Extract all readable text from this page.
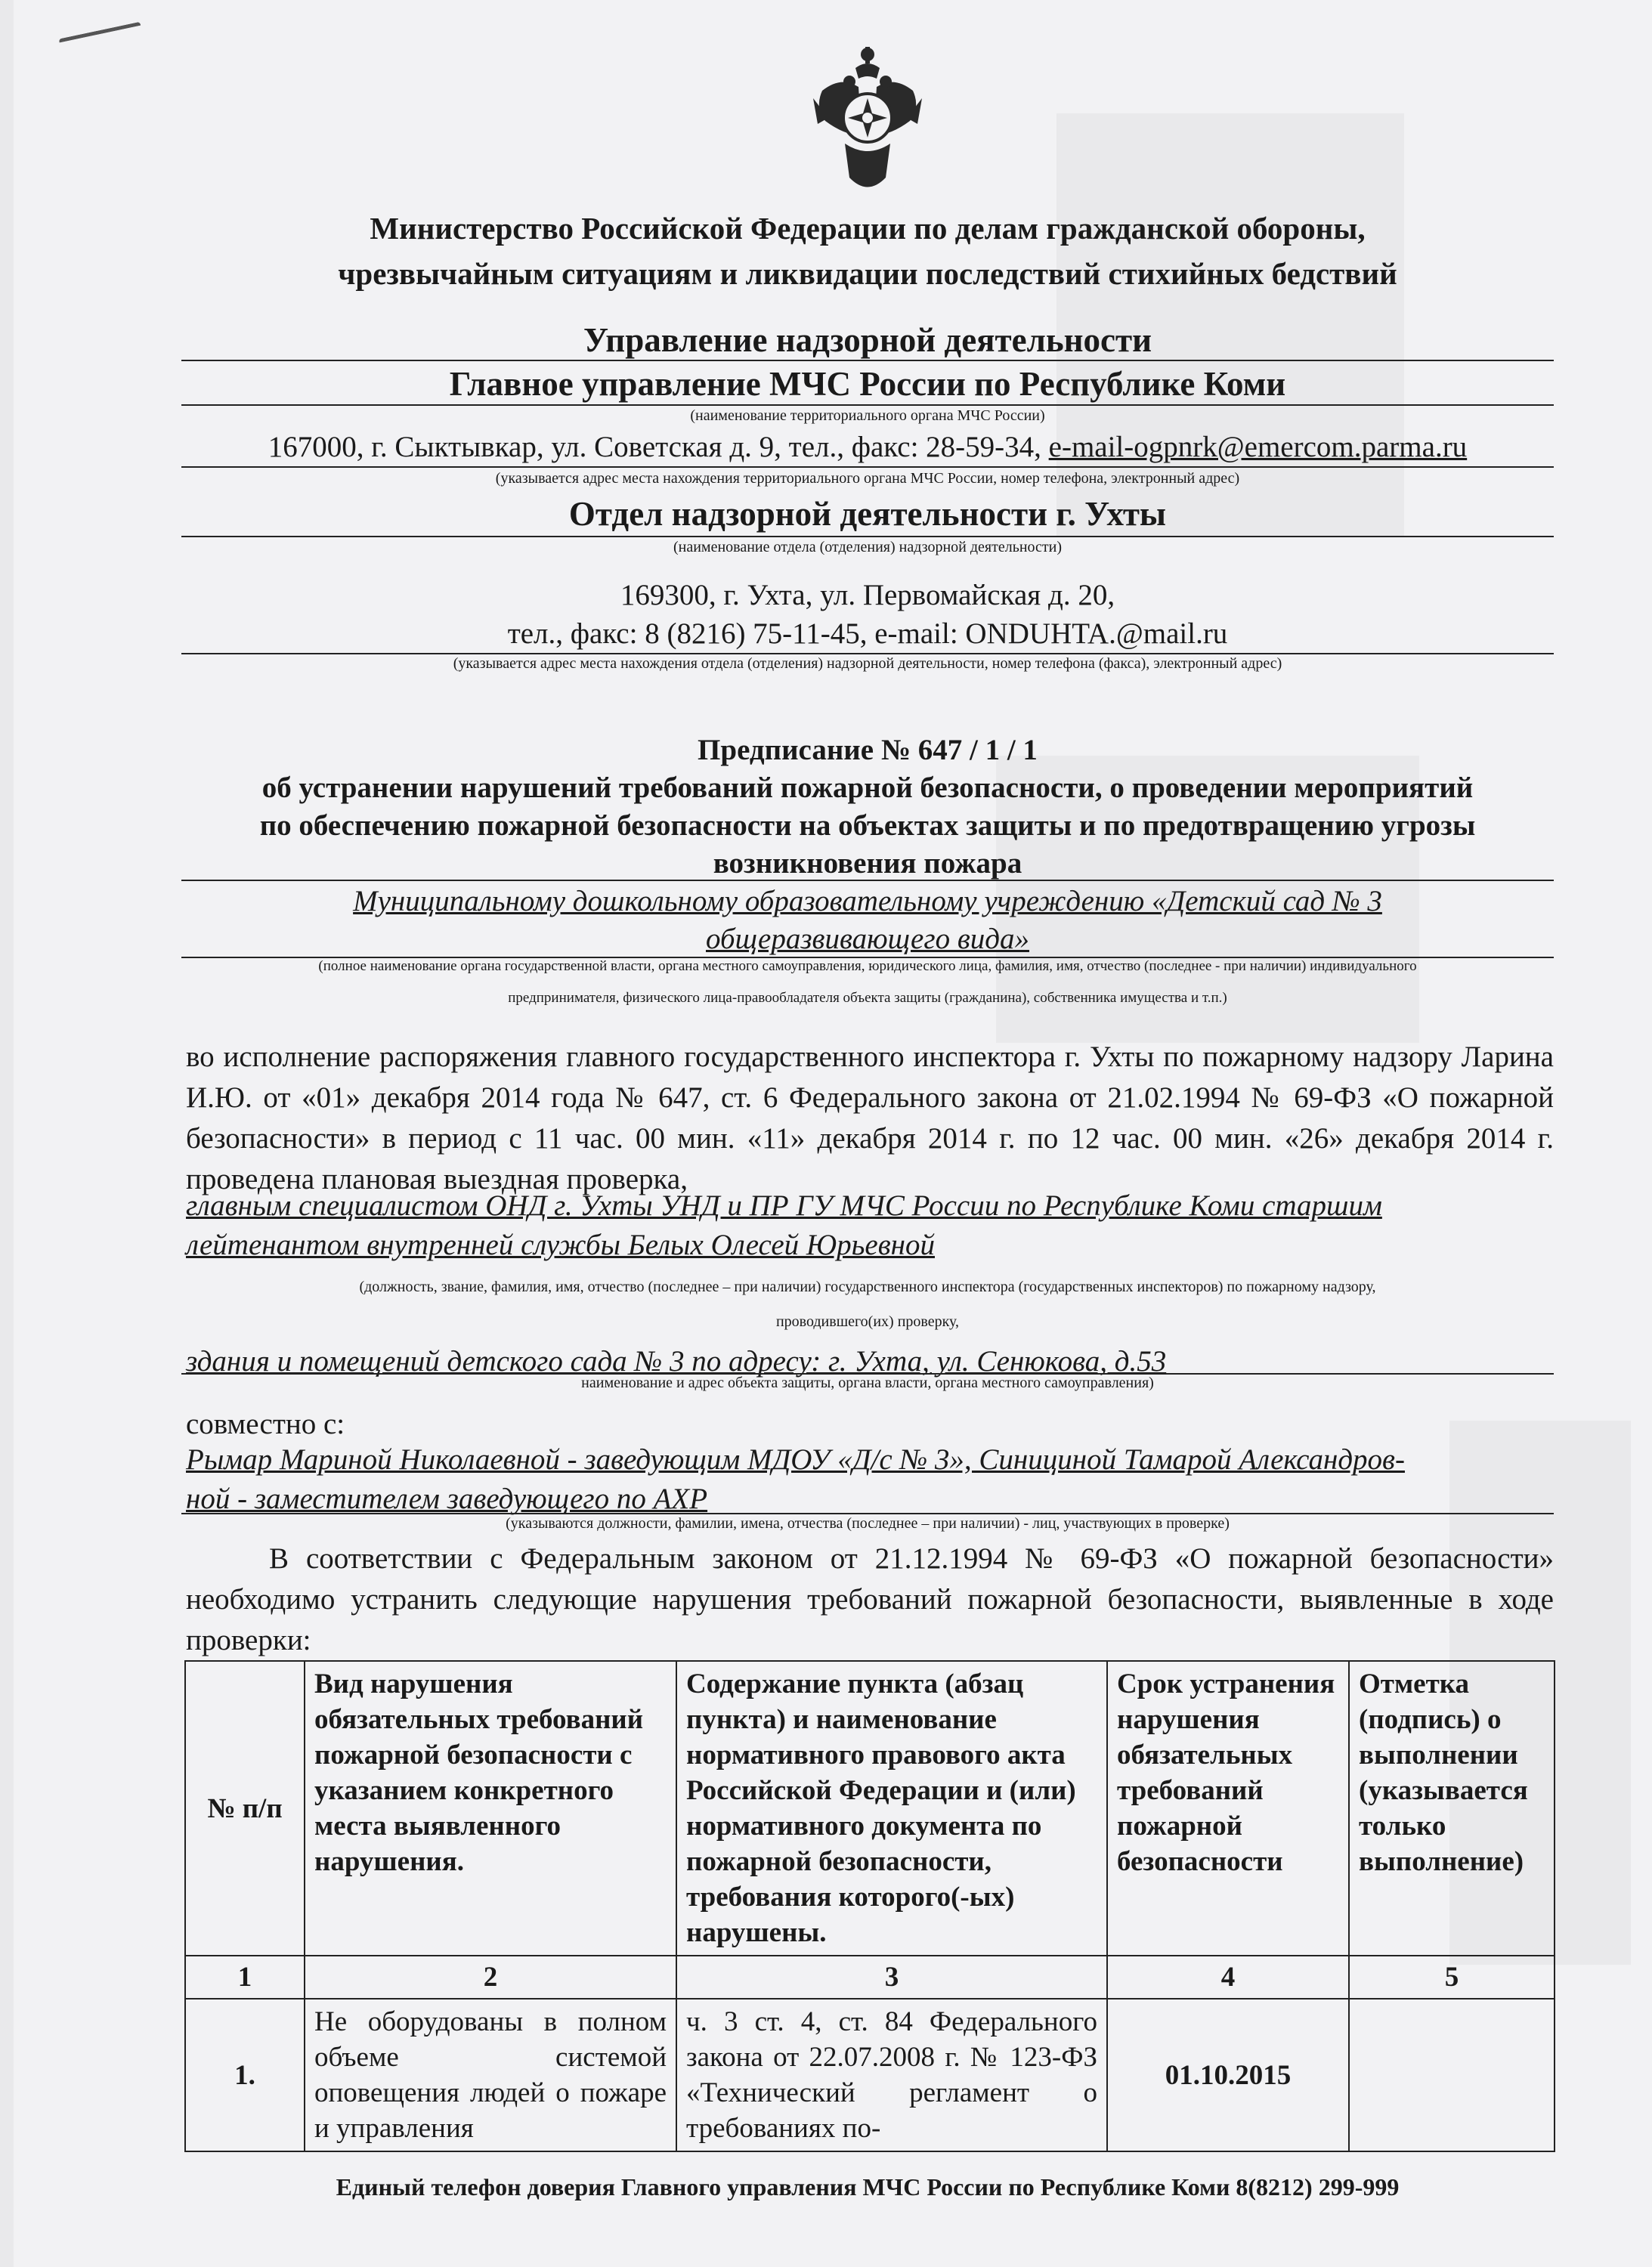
Министерство Российской Федерации по делам гражданской обороны,
чрезвычайным ситуациям и ликвидации последствий стихийных бедствий
Управление надзорной деятельности
Главное управление МЧС России по Республике Коми
(наименование территориального органа МЧС России)
167000, г. Сыктывкар, ул. Советская д. 9, тел., факс: 28-59-34, e-mail-ogpnrk@emercom.parma.ru
(указывается адрес места нахождения территориального органа МЧС России, номер телефона, электронный адрес)
Отдел надзорной деятельности г. Ухты
(наименование отдела (отделения) надзорной деятельности)
169300, г. Ухта, ул. Первомайская д. 20,
тел., факс: 8 (8216) 75-11-45, e-mail: ONDUHTA.@mail.ru
(указывается адрес места нахождения отдела (отделения) надзорной деятельности, номер телефона (факса), электронный адрес)
Предписание № 647 / 1 / 1
об устранении нарушений требований пожарной безопасности, о проведении мероприятий
по обеспечению пожарной безопасности на объектах защиты и по предотвращению угрозы
возникновения пожара
Муниципальному дошкольному образовательному учреждению «Детский сад № 3
общеразвивающего вида»
(полное наименование органа государственной власти, органа местного самоуправления, юридического лица, фамилия, имя, отчество (последнее - при наличии) индивидуального
предпринимателя, физического лица-правообладателя объекта защиты (гражданина), собственника имущества и т.п.)
во исполнение распоряжения главного государственного инспектора г. Ухты по пожарному надзору Ларина И.Ю. от «01» декабря 2014 года № 647, ст. 6 Федерального закона от 21.02.1994 № 69-ФЗ «О пожарной безопасности» в период с 11 час. 00 мин. «11» декабря 2014 г. по 12 час. 00 мин. «26» декабря 2014 г. проведена плановая выездная проверка,
главным специалистом ОНД г. Ухты УНД и ПР ГУ МЧС России по Республике Коми старшим
лейтенантом внутренней службы Белых Олесей Юрьевной
(должность, звание, фамилия, имя, отчество (последнее – при наличии) государственного инспектора (государственных инспекторов) по пожарному надзору,
проводившего(их) проверку,
здания и помещений детского сада № 3 по адресу: г. Ухта, ул. Сенюкова, д.53
наименование и адрес объекта защиты, органа власти, органа местного самоуправления)
совместно с:
Рымар Мариной Николаевной - заведующим МДОУ «Д/с № 3», Синициной Тамарой Александров-
ной - заместителем заведующего по АХР
(указываются должности, фамилии, имена, отчества (последнее – при наличии) - лиц, участвующих в проверке)
В соответствии с Федеральным законом от 21.12.1994 № 69-ФЗ «О пожарной безопасности» необходимо устранить следующие нарушения требований пожарной безопасности, выявленные в ходе проверки:
№ п/п	Вид нарушения обязательных требований пожарной безопасности с указанием конкретного места выявленного нарушения.	Содержание пункта (абзац пункта) и наименование нормативного правового акта Российской Федерации и (или) нормативного документа по пожарной безопасности, требования которого(-ых) нарушены.	Срок устранения нарушения обязательных требований пожарной безопасности	Отметка (подпись) о выполнении (указывается только выполнение)
1	2	3	4	5
1.	Не оборудованы в полном объеме системой оповещения людей о пожаре и управления	ч. 3 ст. 4, ст. 84 Федерального закона от 22.07.2008 г. № 123-ФЗ «Технический регламент о требованиях по-	01.10.2015	
Единый телефон доверия Главного управления МЧС России по Республике Коми 8(8212) 299-999
